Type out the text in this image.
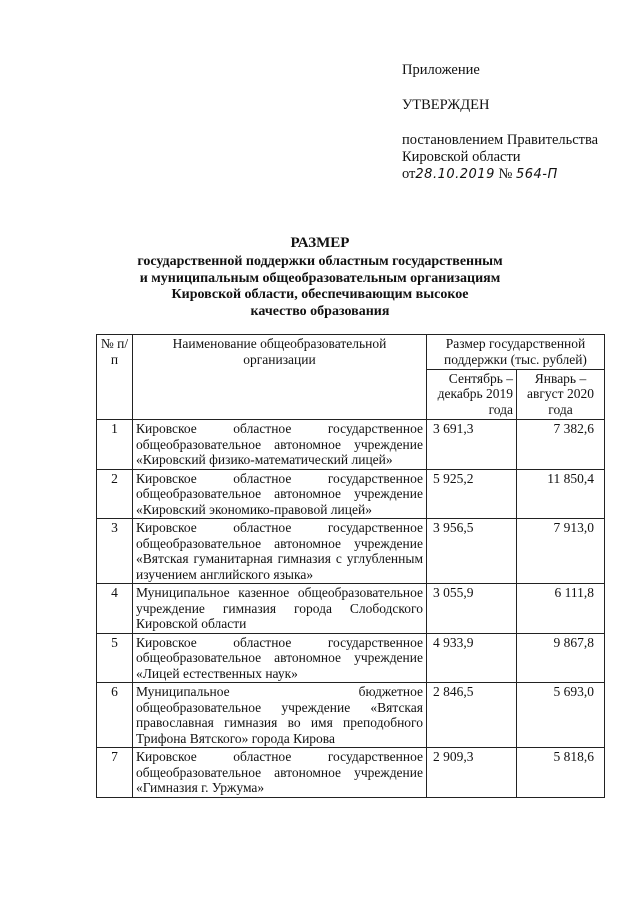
Приложение
УТВЕРЖДЕН
постановлением Правительства
Кировской области
от28.10.2019 № 564-П
РАЗМЕР
государственной поддержки областным государственным
и муниципальным общеобразовательным организациям
Кировской области, обеспечивающим высокое
качество образования
№ п/п	Наименование общеобразовательной организации	Размер государственной поддержки (тыс. рублей)	
		Сентябрь – декабрь 2019 года	Январь – август 2020 года
1	Кировское областное государственное общеобразовательное автономное учреждение «Кировский физико-математический лицей»	3 691,3	7 382,6
2	Кировское областное государственное общеобразовательное автономное учреждение «Кировский экономико-правовой лицей»	5 925,2	11 850,4
3	Кировское областное государственное общеобразовательное автономное учреждение «Вятская гуманитарная гимназия с углубленным изучением английского языка»	3 956,5	7 913,0
4	Муниципальное казенное общеобразовательное учреждение гимназия города Слободского Кировской области	3 055,9	6 111,8
5	Кировское областное государственное общеобразовательное автономное учреждение «Лицей естественных наук»	4 933,9	9 867,8
6	Муниципальное бюджетное общеобразовательное учреждение «Вятская православная гимназия во имя преподобного Трифона Вятского» города Кирова	2 846,5	5 693,0
7	Кировское областное государственное общеобразовательное автономное учреждение «Гимназия г. Уржума»	2 909,3	5 818,6
